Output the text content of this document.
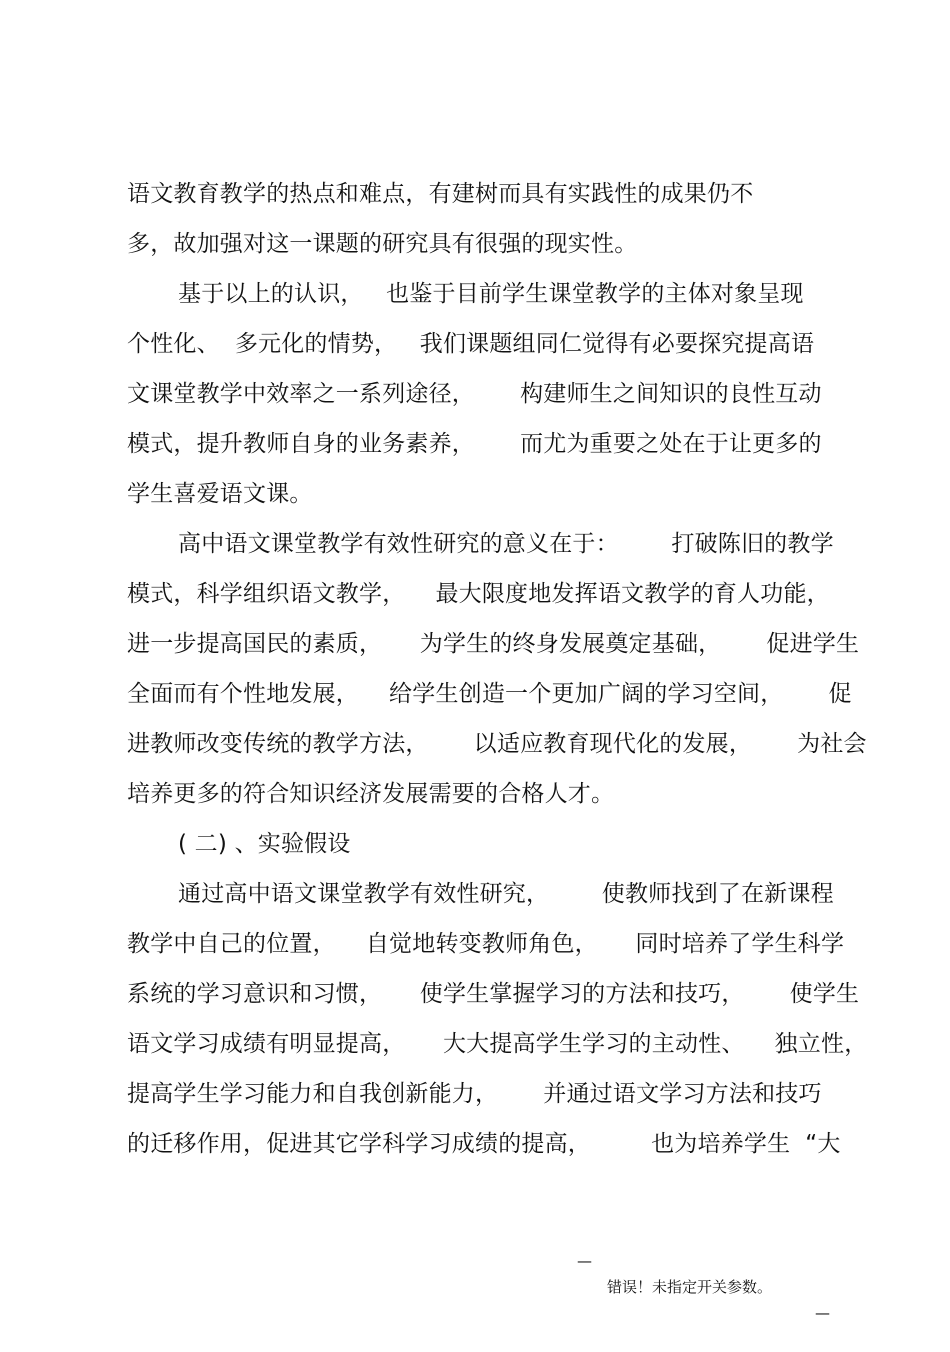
语文教育教学的热点和难点，有建树而具有实践性的成果仍不
多，故加强对这一课题的研究具有很强的现实性。
基于以上的认识，   也鉴于目前学生课堂教学的主体对象呈现
个性化、  多元化的情势，   我们课题组同仁觉得有必要探究提高语
文课堂教学中效率之一系列途径，      构建师生之间知识的良性互动
模式，提升教师自身的业务素养，      而尤为重要之处在于让更多的
学生喜爱语文课。
高中语文课堂教学有效性研究的意义在于：       打破陈旧的教学
模式，科学组织语文教学，    最大限度地发挥语文教学的育人功能，
进一步提高国民的素质，     为学生的终身发展奠定基础，      促进学生
全面而有个性地发展，    给学生创造一个更加广阔的学习空间，      促
进教师改变传统的教学方法，      以适应教育现代化的发展，      为社会
培养更多的符合知识经济发展需要的合格人才。
( 二) 、实验假设
通过高中语文课堂教学有效性研究，       使教师找到了在新课程
教学中自己的位置，    自觉地转变教师角色，     同时培养了学生科学
系统的学习意识和习惯，     使学生掌握学习的方法和技巧，      使学生
语文学习成绩有明显提高，     大大提高学生学习的主动性、    独立性，
提高学生学习能力和自我创新能力，      并通过语文学习方法和技巧
的迁移作用，促进其它学科学习成绩的提高，        也为培养学生  “大

—

错误！未指定开关参数。

—
